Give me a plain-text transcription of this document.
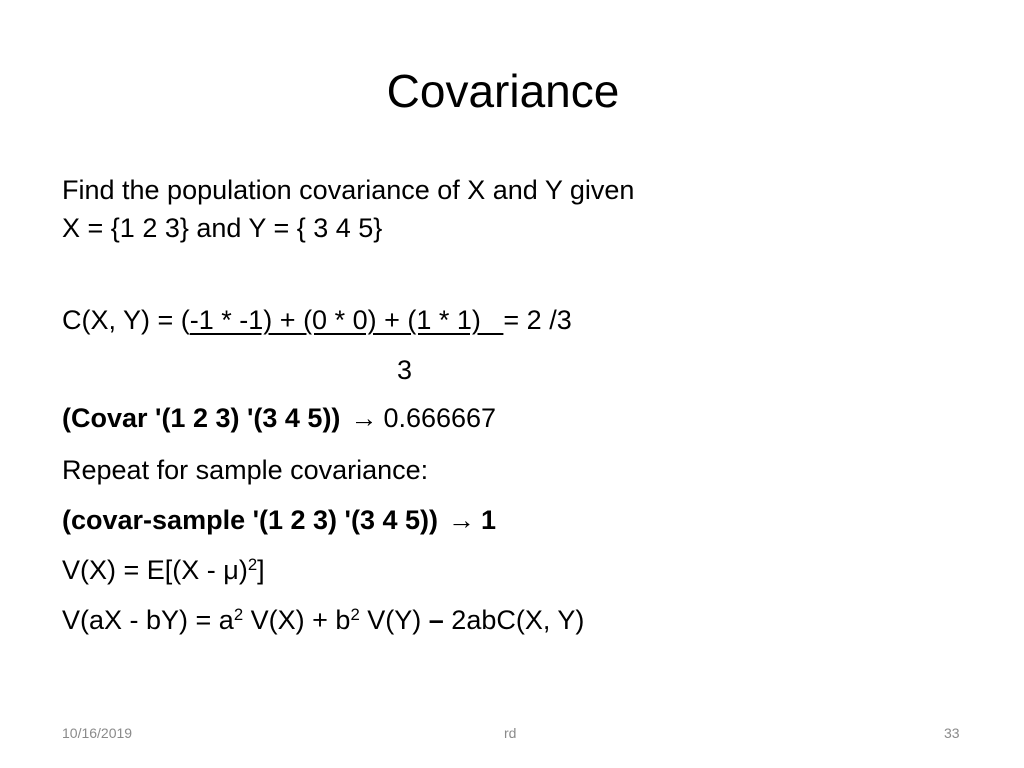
Covariance
Find the population covariance of X and Y given
X = {1 2 3} and Y = { 3 4 5}
C(X, Y) = (-1 * -1) + (0 * 0) + (1 * 1)   = 2 /3
3
(Covar '(1 2 3) '(3 4 5)) → 0.666667
Repeat for sample covariance:
(covar-sample '(1 2 3) '(3 4 5)) → 1
V(X) = E[(X - μ)$^2$]
$V(aX - bY) = a^2$ $V(X) + b^2$ V(Y) – 2abC(X, Y)
10/16/2019	rd	33
